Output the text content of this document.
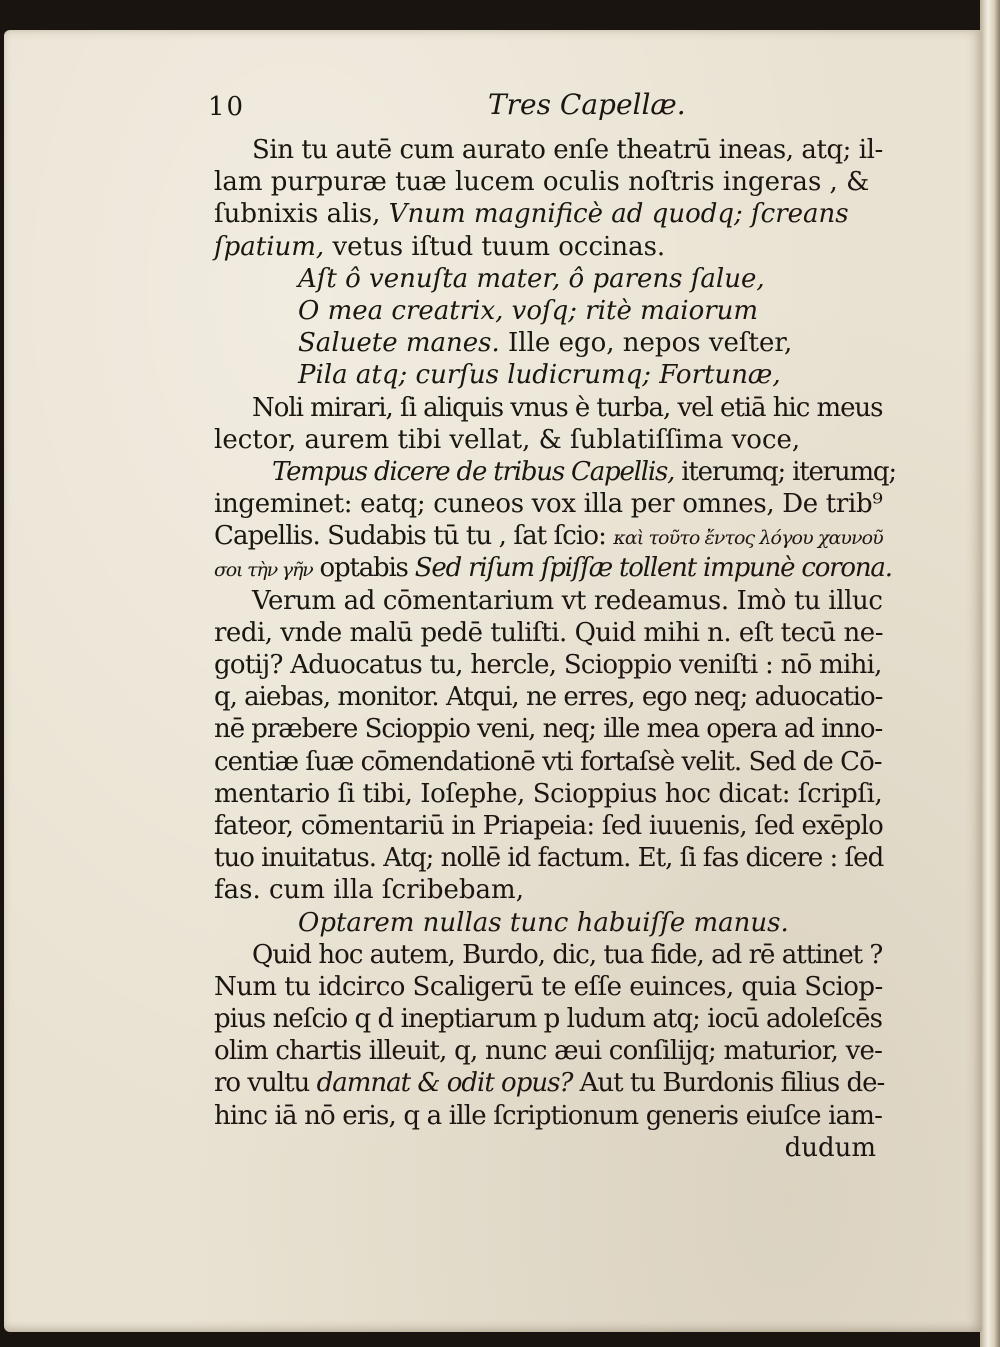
10	Tres Capellæ.
Sin tu autē cum aurato enſe theatrū ineas, atq; il-
lam purpuræ tuæ lucem oculis noſtris ingeras , &
ſubnixis alis, Vnum magnificè ad quodq; ſcreans
ſpatium, vetus iſtud tuum occinas.
Aſt ô venuſta mater, ô parens ſalue,
O mea creatrix, voſq; ritè maiorum
Saluete manes. Ille ego, nepos veſter,
Pila atq; curſus ludicrumq; Fortunæ,
Noli mirari, ſi aliquis vnus è turba, vel etiā hic meus
lector, aurem tibi vellat, & ſublatiſſima voce,
Tempus dicere de tribus Capellis, iterumq; iterumq;
ingeminet: eatq; cuneos vox illa per omnes, De trib⁹
Capellis. Sudabis tū tu , ſat ſcio: καὶ τοῦτο ἔντος λόγου χαυνοῦ
σοι τὴν γῆν optabis Sed riſum ſpiſſæ tollent impunè corona.
Verum ad cōmentarium vt redeamus. Imò tu illuc
redi, vnde malū pedē tuliſti. Quid mihi n. eſt tecū ne-
gotij? Aduocatus tu, hercle, Scioppio veniſti : nō mihi,
q, aiebas, monitor. Atqui, ne erres, ego neq; aduocatio-
nē præbere Scioppio veni, neq; ille mea opera ad inno-
centiæ ſuæ cōmendationē vti fortaſsè velit. Sed de Cō-
mentario ſi tibi, Ioſephe, Scioppius hoc dicat: ſcripſi,
fateor, cōmentariū in Priapeia: ſed iuuenis, ſed exēplo
tuo inuitatus. Atq; nollē id factum. Et, ſi fas dicere : ſed
fas. cum illa ſcribebam,
Optarem nullas tunc habuiſſe manus.
Quid hoc autem, Burdo, dic, tua fide, ad rē attinet ?
Num tu idcirco Scaligerū te eſſe euinces, quia Sciop-
pius neſcio q d ineptiarum p ludum atq; iocū adoleſcēs
olim chartis illeuit, q, nunc æui conſilijq; maturior, ve-
ro vultu damnat & odit opus? Aut tu Burdonis filius de-
hinc iā nō eris, q a ille ſcriptionum generis eiuſce iam-
dudum
